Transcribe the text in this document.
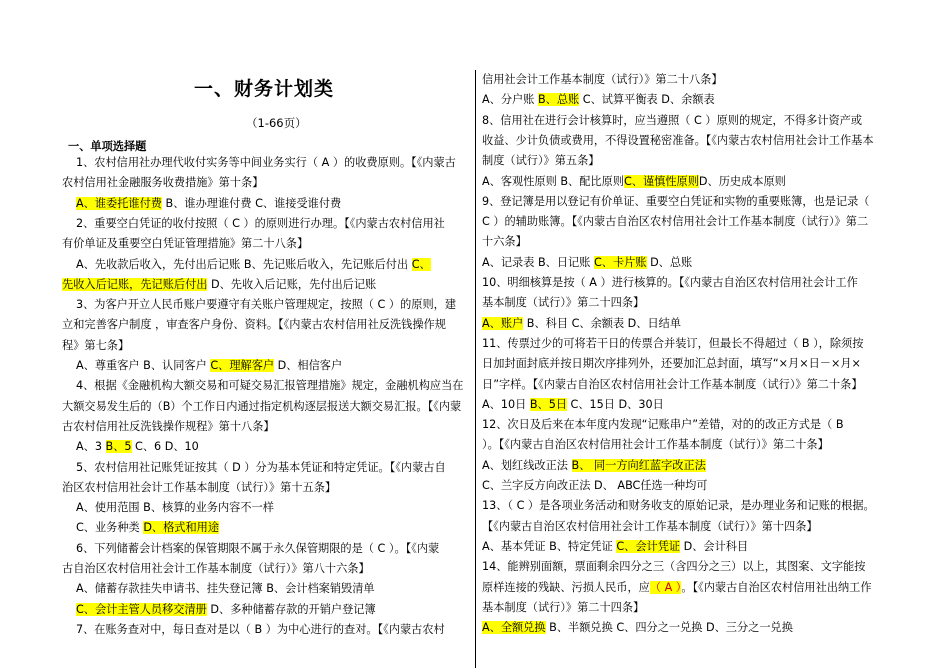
一、财务计划类
（1-66页）
一、单项选择题
1、农村信用社办理代收付实务等中间业务实行（ A ）的收费原则。【《内蒙古
农村信用社金融服务收费措施》第十条】
A、谁委托谁付费 B、谁办理谁付费 C、谁接受谁付费
2、重要空白凭证的收付按照（ C ）的原则进行办理。【《内蒙古农村信用社
有价单证及重要空白凭证管理措施》第二十八条】
A、先收款后收入，先付出后记账 B、先记账后收入，先记账后付出 C、
先收入后记账，先记账后付出 D、先收入后记账，先付出后记账
3、为客户开立人民币账户要遵守有关账户管理规定，按照（ C ）的原则，建
立和完善客户制度 ，审查客户身份、资料。【《内蒙古农村信用社反洗钱操作规
程》第七条】
A、尊重客户 B、认同客户 C、理解客户 D、相信客户
4、根据《金融机构大额交易和可疑交易汇报管理措施》规定，金融机构应当在
大额交易发生后的（B）个工作日内通过指定机构逐层报送大额交易汇报。【《内蒙
古农村信用社反洗钱操作规程》第十八条】
A、3 B、5 C、6 D、10
5、农村信用社记账凭证按其（ D ）分为基本凭证和特定凭证。【《内蒙古自
治区农村信用社会计工作基本制度（试行）》第十五条】
A、使用范围 B、核算的业务内容不一样
C、业务种类 D、格式和用途
6、下列储蓄会计档案的保管期限不属于永久保管期限的是（ C ）。【《内蒙
古自治区农村信用社会计工作基本制度（试行）》第八十六条】
A、储蓄存款挂失申请书、挂失登记簿 B、会计档案销毁清单
C、会计主管人员移交清册 D、多种储蓄存款的开销户登记簿
7、在账务查对中，每日查对是以（ B ）为中心进行的查对。【《内蒙古农村
信用社会计工作基本制度（试行）》第二十八条】
A、分户账 B、总账 C、试算平衡表 D、余额表
8、信用社在进行会计核算时，应当遵照（ C ）原则的规定，不得多计资产或
收益、少计负债或费用，不得设置秘密准备。【《内蒙古农村信用社会计工作基本
制度（试行）》第五条】
A、客观性原则 B、配比原则C、谨慎性原则D、历史成本原则
9、登记簿是用以登记有价单证、重要空白凭证和实物的重要账簿，也是记录（
C ）的辅助账簿。【《内蒙古自治区农村信用社会计工作基本制度（试行）》第二
十六条】
A、记录表 B、日记账 C、卡片账 D、总账
10、明细核算是按（ A ）进行核算的。【《内蒙古自治区农村信用社会计工作
基本制度（试行）》第二十四条】
A、账户 B、科目 C、余额表 D、日结单
11、传票过少的可将若干日的传票合并装订，但最长不得超过（ B ），除须按
日加封面封底并按日期次序排列外，还要加汇总封面，填写“×月×日－×月×
日”字样。【《内蒙古自治区农村信用社会计工作基本制度（试行）》第二十条】
A、10日 B、5日 C、15日 D、30日
12、次日及后来在本年度内发现“记账串户”差错，对的的改正方式是（ B
）。【《内蒙古自治区农村信用社会计工作基本制度（试行）》第二十条】
A、划红线改正法 B、 同一方向红蓝字改正法
C、兰字反方向改正法 D、 ABC任选一种均可
13、（ C ）是各项业务活动和财务收支的原始记录，是办理业务和记账的根据。
【《内蒙古自治区农村信用社会计工作基本制度（试行）》第十四条】
A、基本凭证 B、特定凭证 C、会计凭证 D、会计科目
14、能辨别面额，票面剩余四分之三（含四分之三）以上，其图案、文字能按
原样连接的残缺、污损人民币，应（ A ）。【《内蒙古自治区农村信用社出纳工作
基本制度（试行）》第二十四条】
A、全额兑换 B、半额兑换 C、四分之一兑换 D、三分之一兑换
